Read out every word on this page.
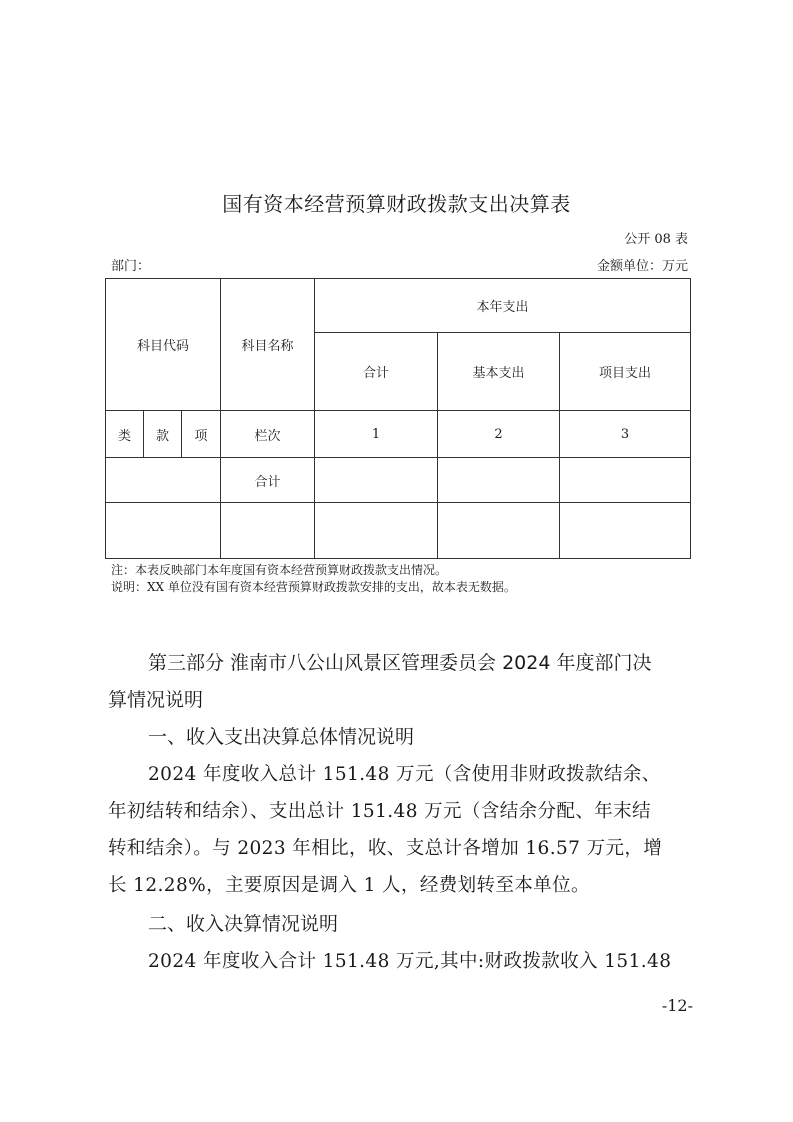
国有资本经营预算财政拨款支出决算表
公开 08 表
部门：	金额单位：万元
科目代码			科目名称	本年支出		
				合计	基本支出	项目支出
类	款	项	栏次	1	2	3
			合计			

注：本表反映部门本年度国有资本经营预算财政拨款支出情况。
说明：XX 单位没有国有资本经营预算财政拨款安排的支出，故本表无数据。
第三部分 淮南市八公山风景区管理委员会 2024 年度部门决
算情况说明
一、收入支出决算总体情况说明
2024 年度收入总计 151.48 万元（含使用非财政拨款结余、
年初结转和结余）、支出总计 151.48 万元（含结余分配、年末结
转和结余）。与 2023 年相比，收、支总计各增加 16.57 万元，增
长 12.28%，主要原因是调入 1 人，经费划转至本单位。
二、收入决算情况说明
2024 年度收入合计 151.48 万元,其中:财政拨款收入 151.48
-12-
